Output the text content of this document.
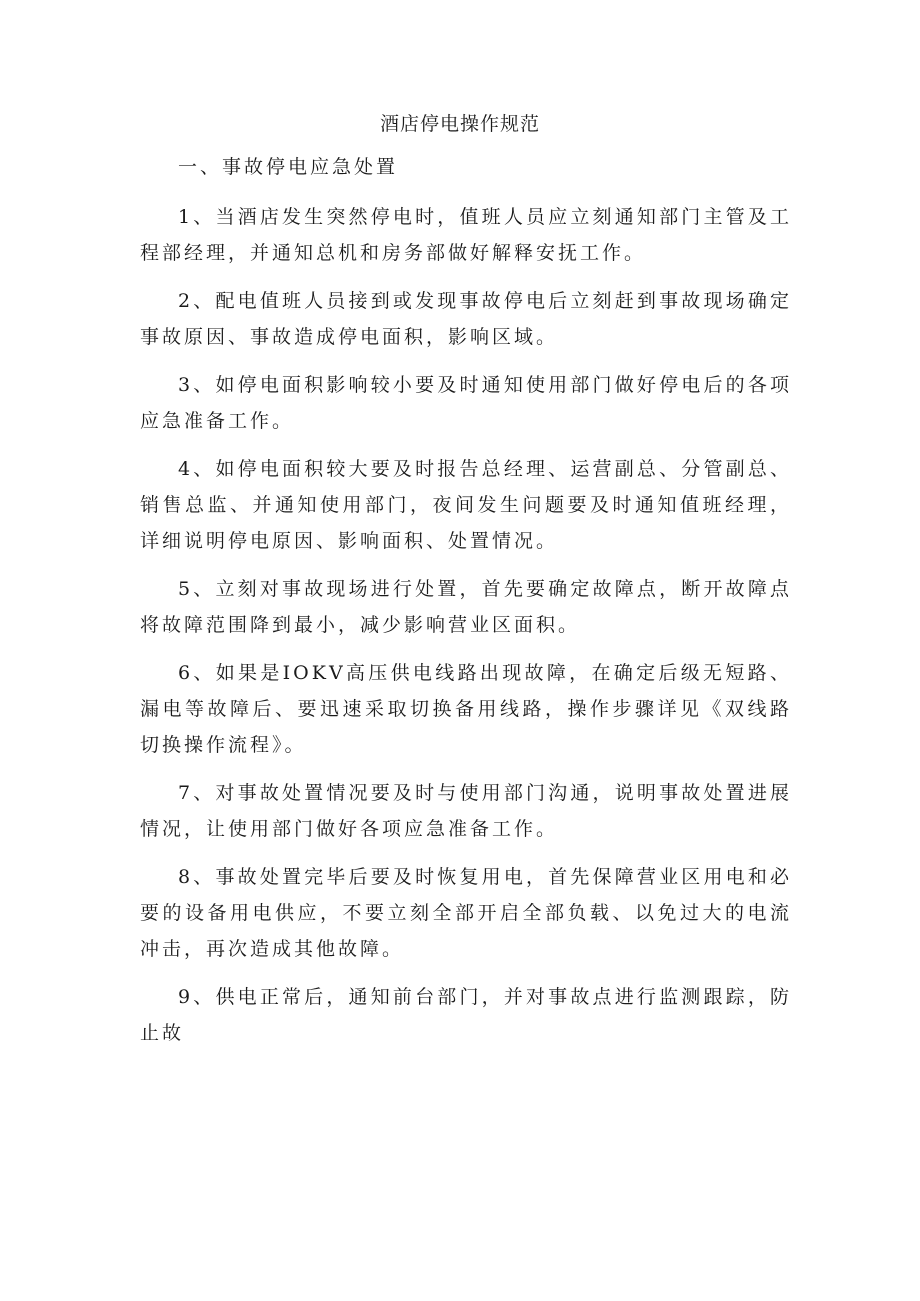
酒店停电操作规范

一、事故停电应急处置

1、当酒店发生突然停电时，值班人员应立刻通知部门主管及工程部经理，并通知总机和房务部做好解释安抚工作。

2、配电值班人员接到或发现事故停电后立刻赶到事故现场确定事故原因、事故造成停电面积，影响区域。

3、如停电面积影响较小要及时通知使用部门做好停电后的各项应急准备工作。

4、如停电面积较大要及时报告总经理、运营副总、分管副总、销售总监、并通知使用部门，夜间发生问题要及时通知值班经理，详细说明停电原因、影响面积、处置情况。

5、立刻对事故现场进行处置，首先要确定故障点，断开故障点将故障范围降到最小，减少影响营业区面积。

6、如果是IOKV高压供电线路出现故障，在确定后级无短路、漏电等故障后、要迅速采取切换备用线路，操作步骤详见《双线路切换操作流程》。

7、对事故处置情况要及时与使用部门沟通，说明事故处置进展情况，让使用部门做好各项应急准备工作。

8、事故处置完毕后要及时恢复用电，首先保障营业区用电和必要的设备用电供应，不要立刻全部开启全部负载、以免过大的电流冲击，再次造成其他故障。

9、供电正常后，通知前台部门，并对事故点进行监测跟踪，防止故
